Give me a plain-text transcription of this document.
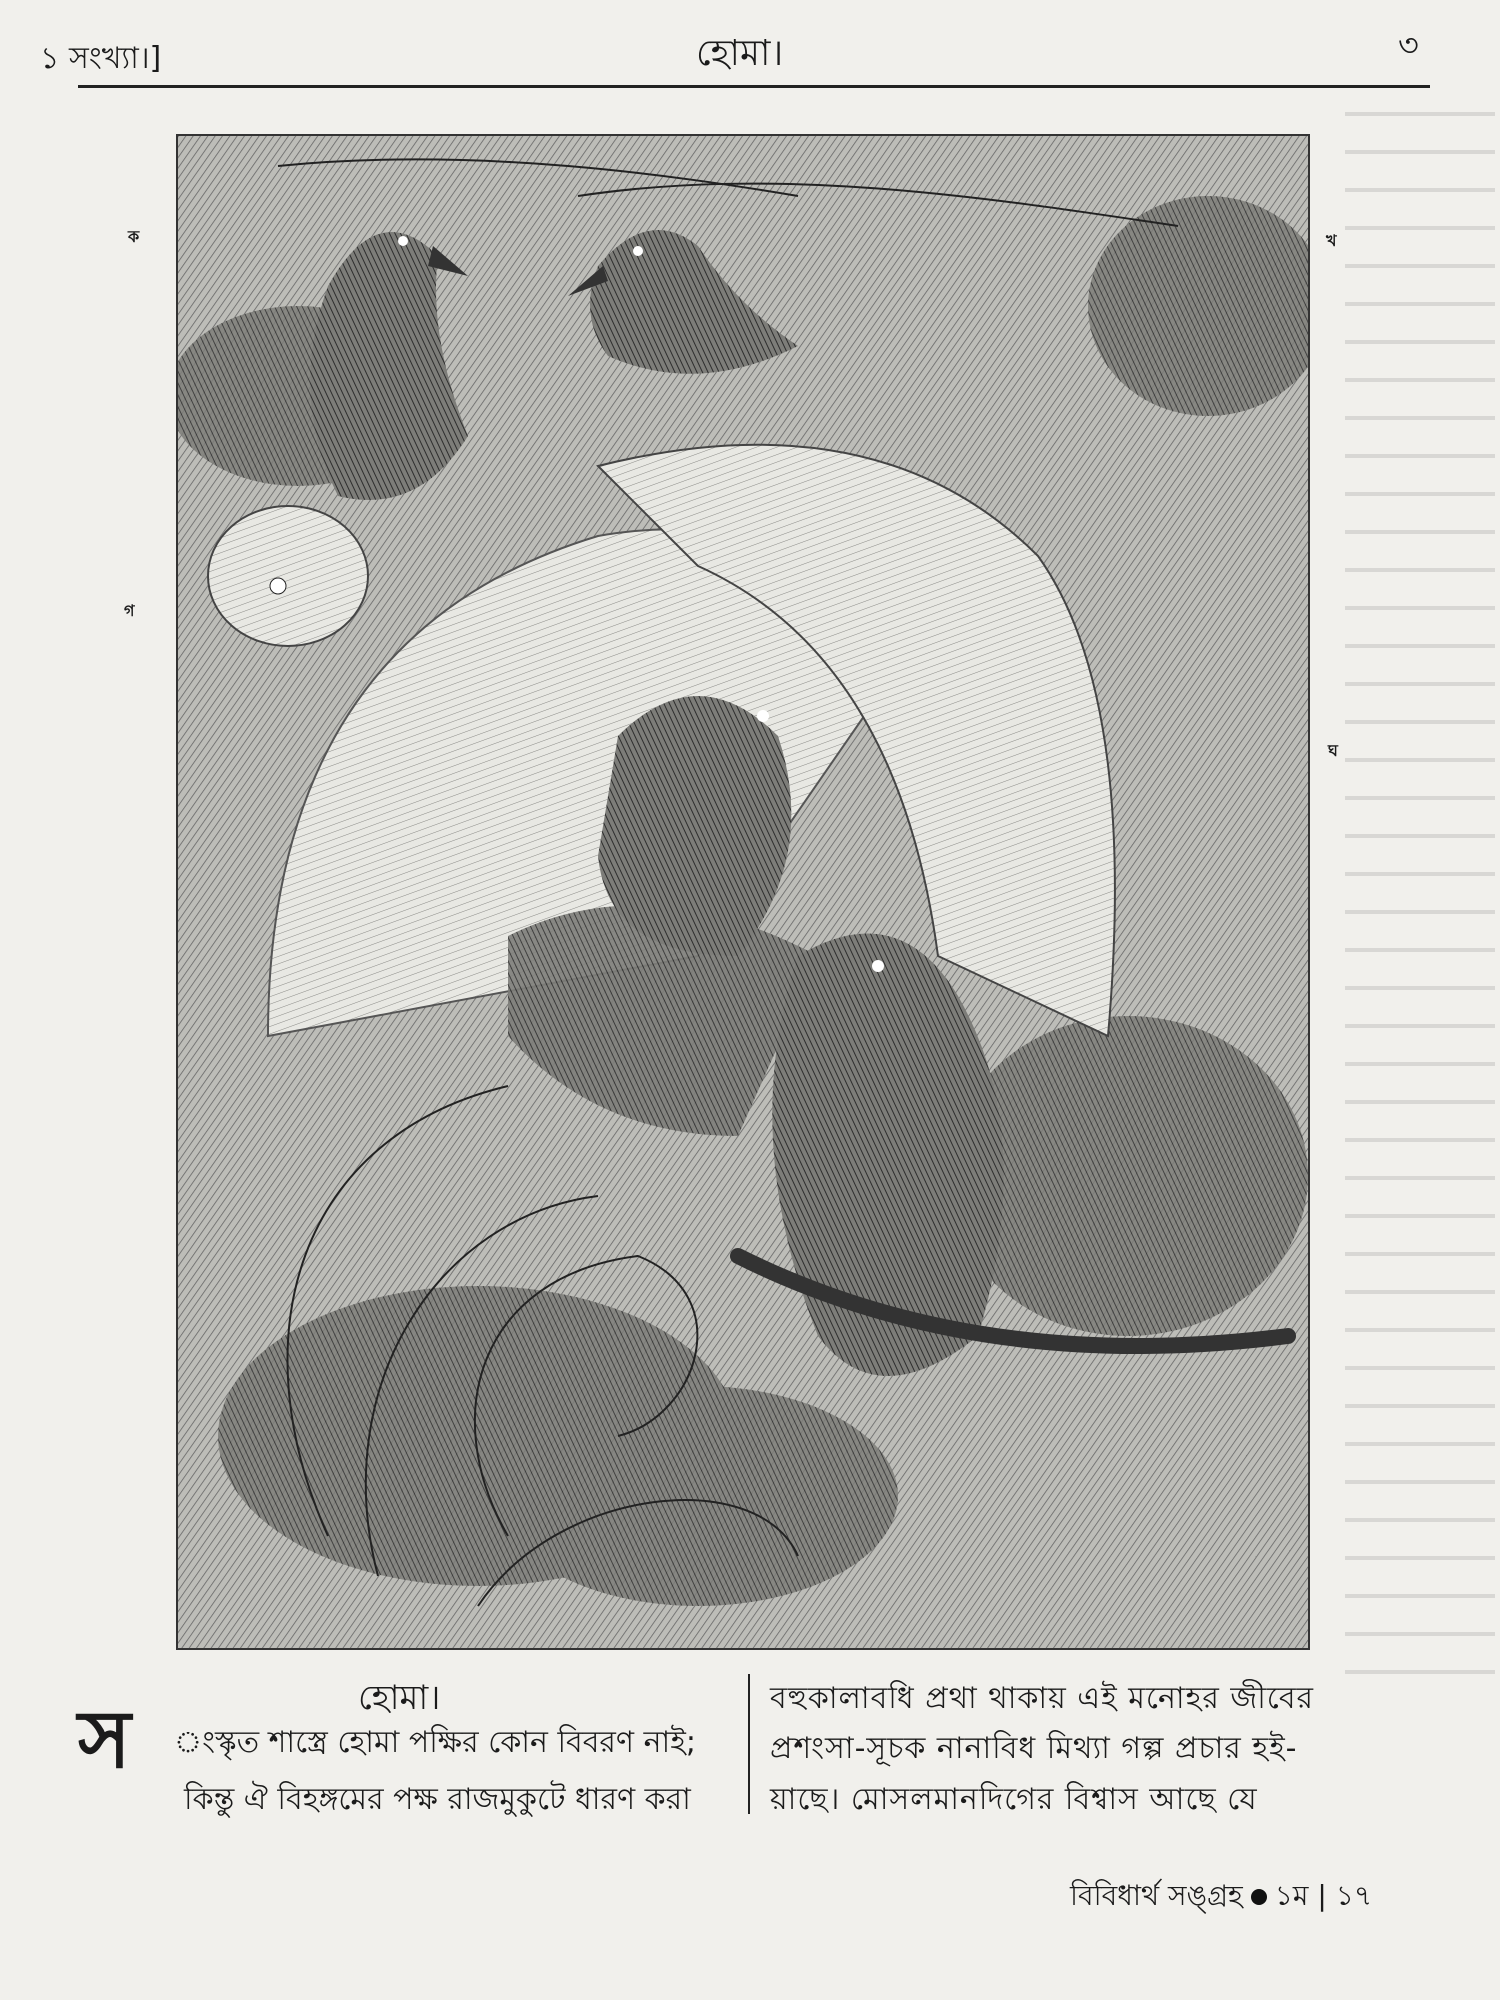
১ সংখ্যা।]	হোমা।	৩
ক	খ
গ
ঘ
হোমা।
স ংস্কৃত শাস্ত্রে হোমা পক্ষির কোন বিবরণ নাই;
কিন্তু ঐ বিহঙ্গমের পক্ষ রাজমুকুটে ধারণ করা
বহুকালাবধি প্রথা থাকায় এই মনোহর জীবের
প্রশংসা-সূচক নানাবিধ মিথ্যা গল্প প্রচার হই-
য়াছে। মোসলমানদিগের বিশ্বাস আছে যে
বিবিধার্থ সঙ্গ্রহ ১ম | ১৭
